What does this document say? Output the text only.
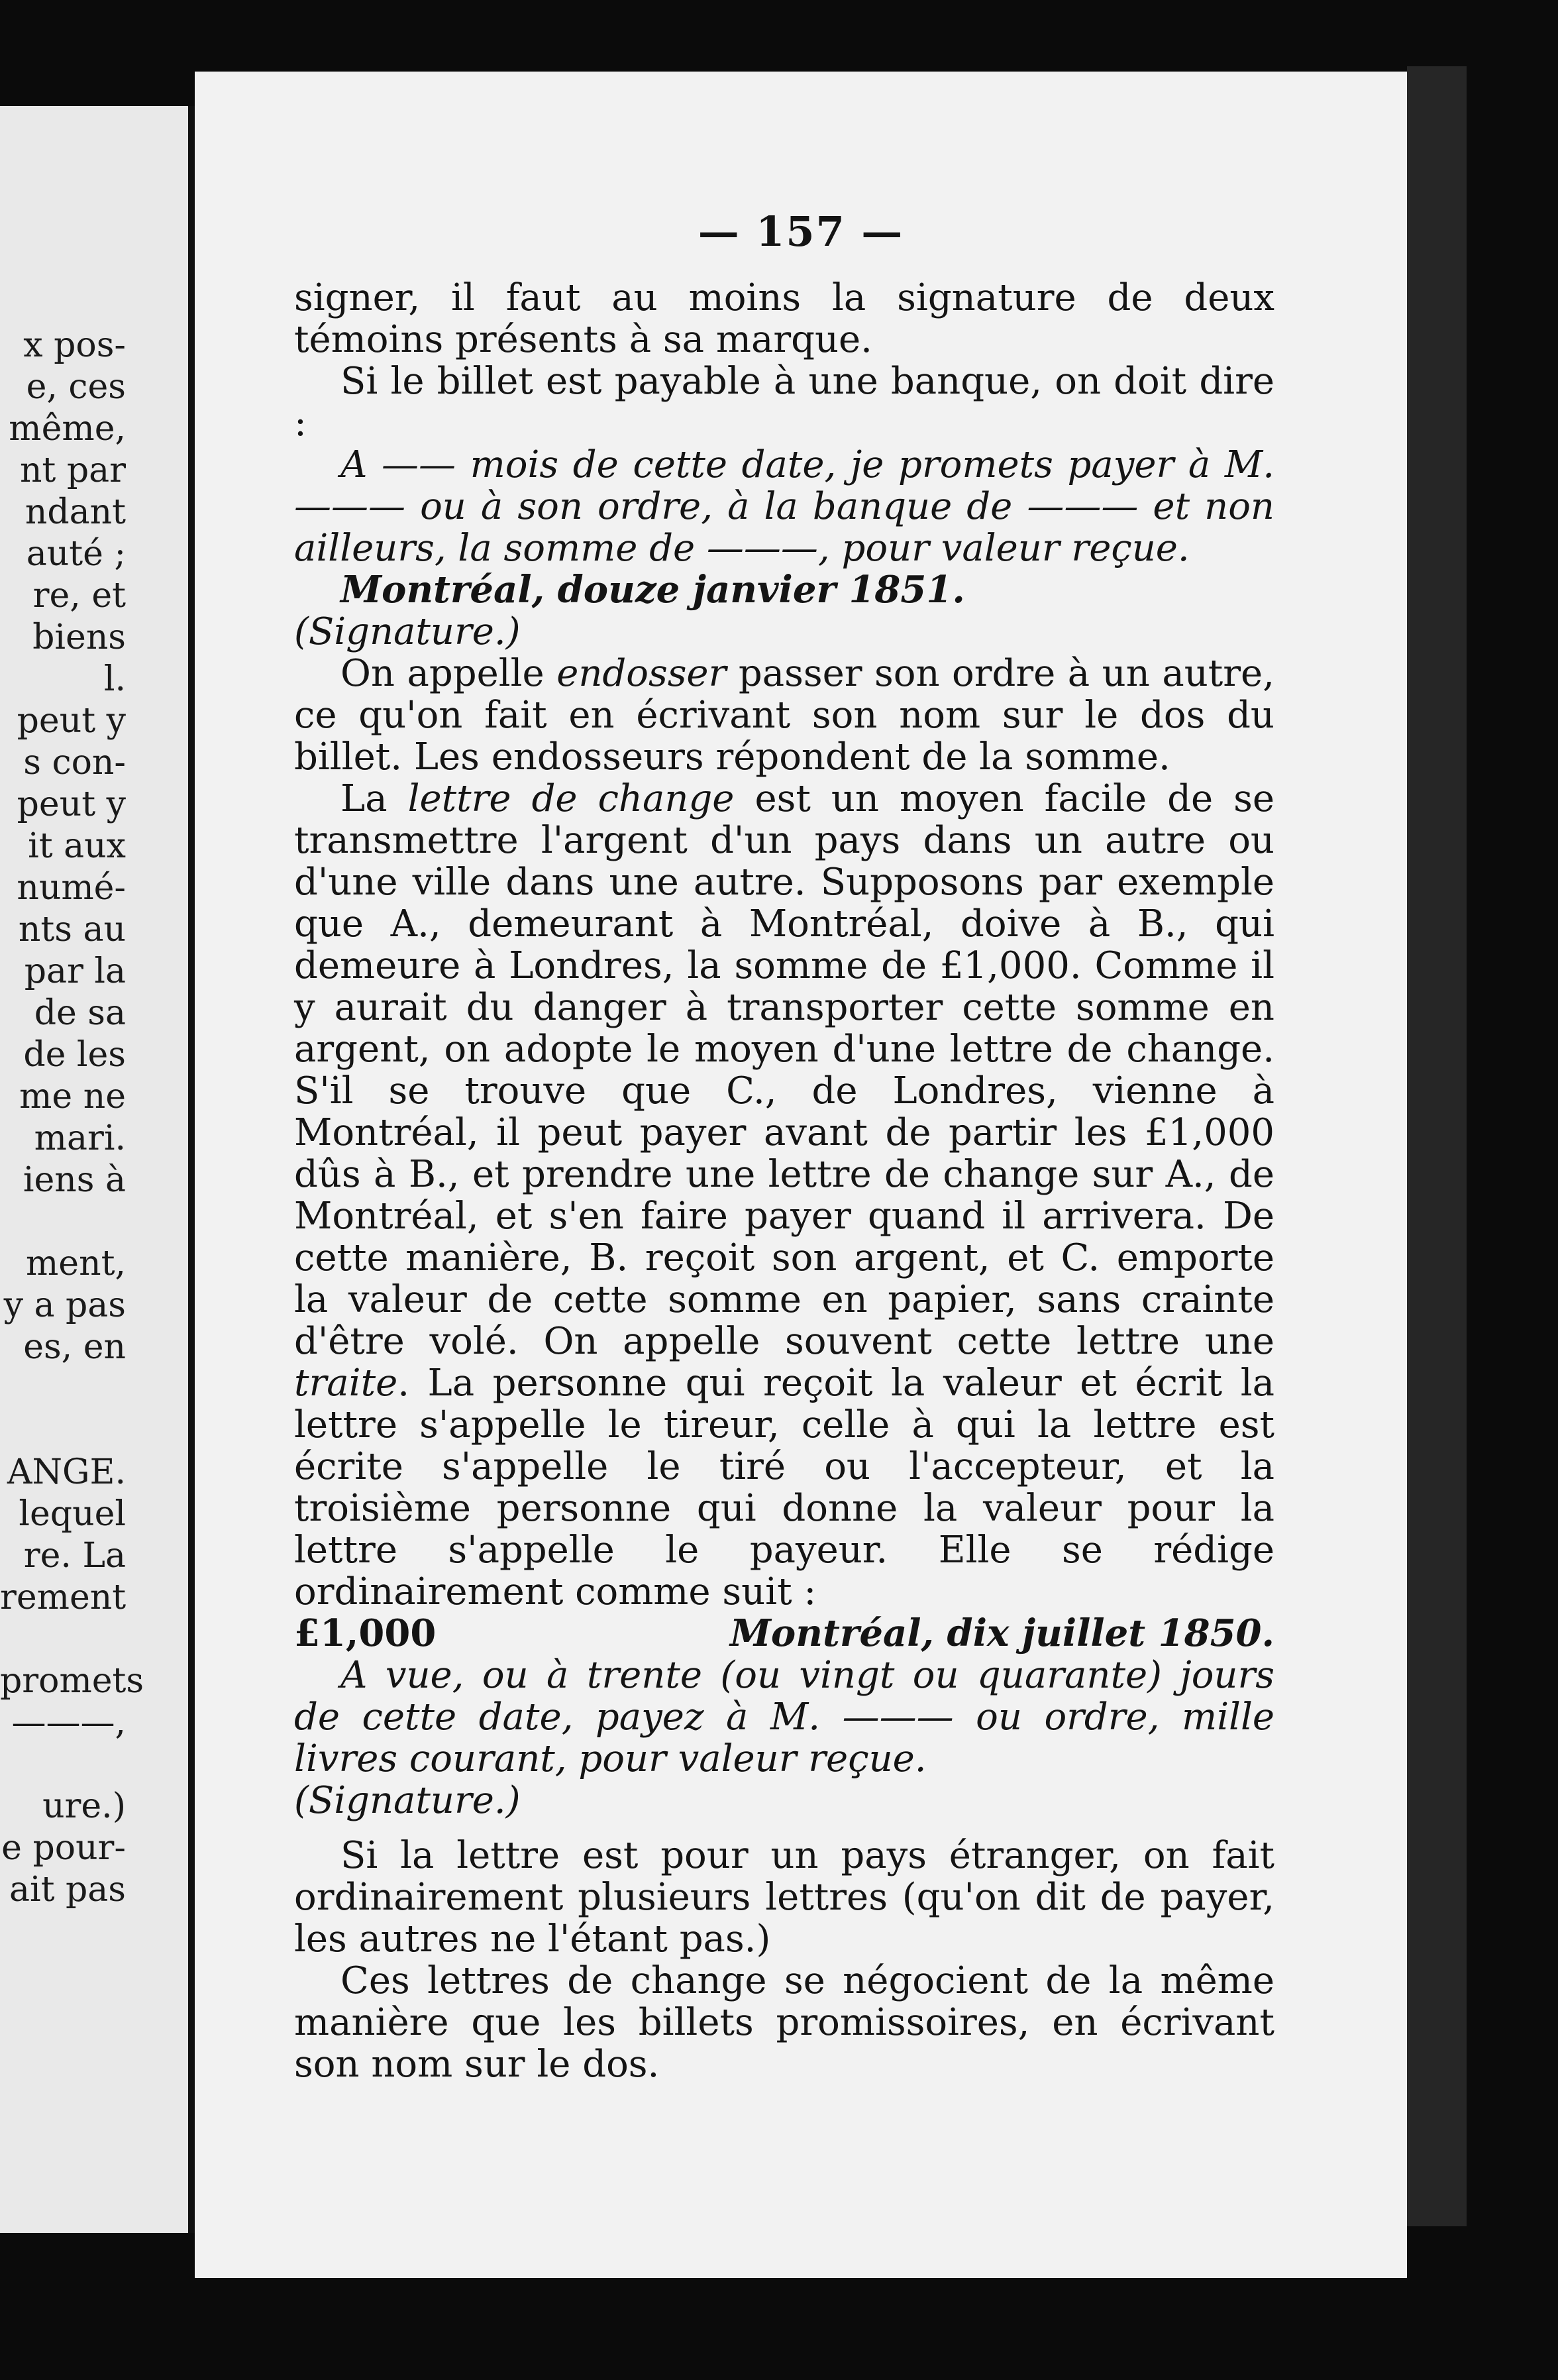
x pos-
e, ces
même,
nt par
ndant
auté ;
re, et
biens
l.
peut y
s con-
peut y
it aux
numé-
nts au
par la
de sa
de les
me ne
mari.
iens à
ment,
y a pas
es, en
ANGE.
lequel
re. La
rement
promets
———,
ure.)
e pour-
ait pas
— 157 —

signer, il faut au moins la signature de deux témoins présents à sa marque.

Si le billet est payable à une banque, on doit dire :

A —— mois de cette date, je promets payer à M. ——— ou à son ordre, à la banque de ——— et non ailleurs, la somme de ———, pour valeur reçue.

Montréal, douze janvier 1851.

(Signature.)

On appelle endosser passer son ordre à un autre, ce qu'on fait en écrivant son nom sur le dos du billet. Les endosseurs répondent de la somme.

La lettre de change est un moyen facile de se transmettre l'argent d'un pays dans un autre ou d'une ville dans une autre. Supposons par exemple que A., demeurant à Montréal, doive à B., qui demeure à Londres, la somme de £1,000. Comme il y aurait du danger à transporter cette somme en argent, on adopte le moyen d'une lettre de change. S'il se trouve que C., de Londres, vienne à Montréal, il peut payer avant de partir les £1,000 dûs à B., et prendre une lettre de change sur A., de Montréal, et s'en faire payer quand il arrivera. De cette manière, B. reçoit son argent, et C. emporte la valeur de cette somme en papier, sans crainte d'être volé. On appelle souvent cette lettre une traite. La personne qui reçoit la valeur et écrit la lettre s'appelle le tireur, celle à qui la lettre est écrite s'appelle le tiré ou l'accepteur, et la troisième personne qui donne la valeur pour la lettre s'appelle le payeur. Elle se rédige ordinairement comme suit :

£1,000	Montréal, dix juillet 1850.

A vue, ou à trente (ou vingt ou quarante) jours de cette date, payez à M. ——— ou ordre, mille livres courant, pour valeur reçue.

(Signature.)

Si la lettre est pour un pays étranger, on fait ordinairement plusieurs lettres (qu'on dit de payer, les autres ne l'étant pas.)

Ces lettres de change se négocient de la même manière que les billets promissoires, en écrivant son nom sur le dos.
